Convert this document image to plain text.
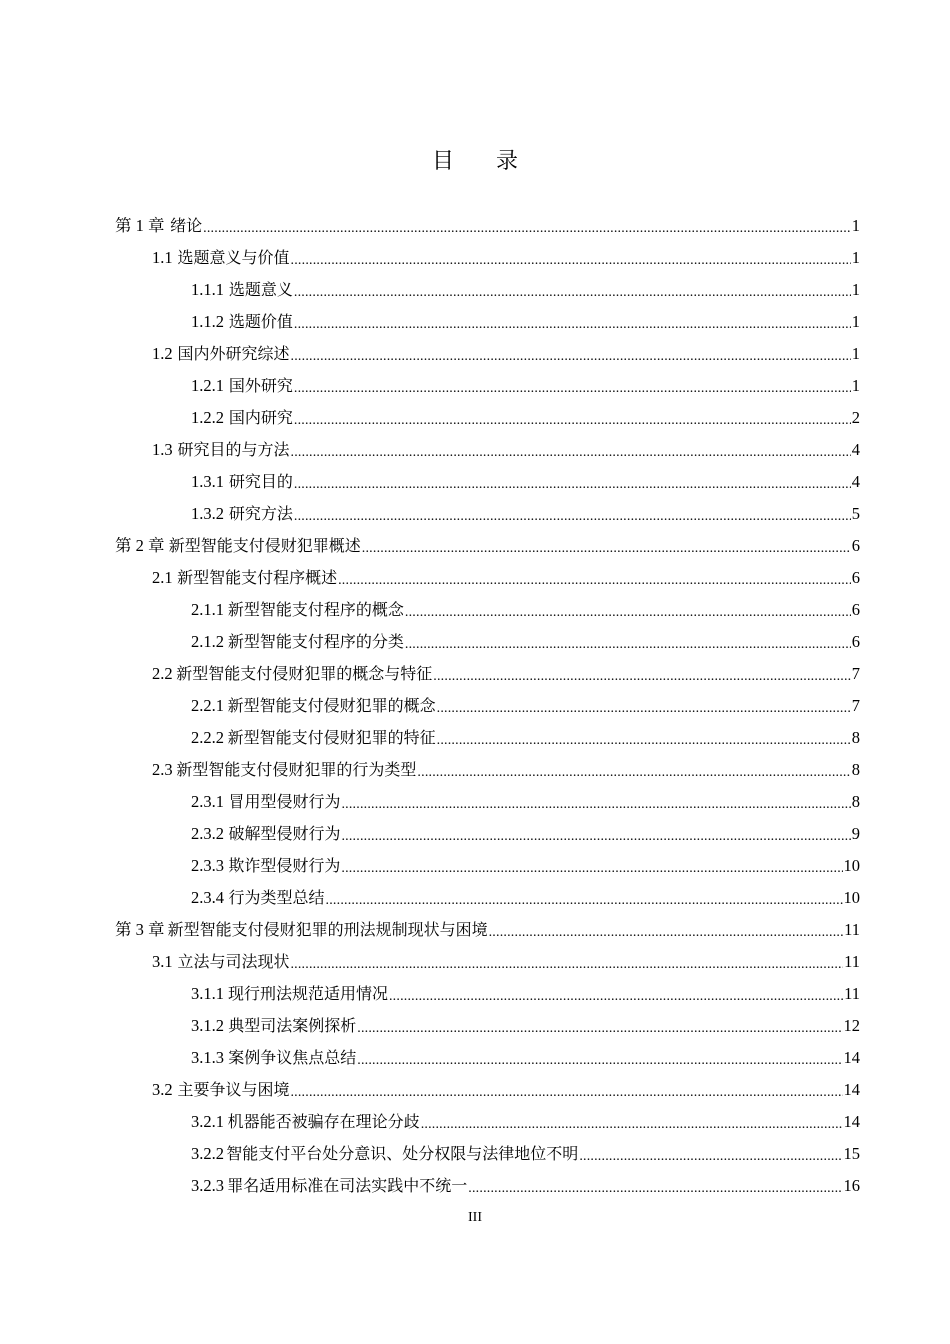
目 录
第 1 章 绪论 .....	1
1.1 选题意义与价值 .....	1
1.1.1 选题意义 .....	1
1.1.2 选题价值 .....	1
1.2 国内外研究综述 .....	1
1.2.1 国外研究 .....	1
1.2.2 国内研究 .....	2
1.3 研究目的与方法 .....	4
1.3.1 研究目的 .....	4
1.3.2 研究方法 .....	5
第 2 章 新型智能支付侵财犯罪概述 .....	6
2.1 新型智能支付程序概述 .....	6
2.1.1 新型智能支付程序的概念 .....	6
2.1.2 新型智能支付程序的分类 .....	6
2.2 新型智能支付侵财犯罪的概念与特征 .....	7
2.2.1 新型智能支付侵财犯罪的概念 .....	7
2.2.2 新型智能支付侵财犯罪的特征 .....	8
2.3 新型智能支付侵财犯罪的行为类型 .....	8
2.3.1 冒用型侵财行为 .....	8
2.3.2 破解型侵财行为 .....	9
2.3.3 欺诈型侵财行为 .....	10
2.3.4 行为类型总结 .....	10
第 3 章 新型智能支付侵财犯罪的刑法规制现状与困境 .....	11
3.1 立法与司法现状 .....	11
3.1.1 现行刑法规范适用情况 .....	11
3.1.2 典型司法案例探析 .....	12
3.1.3 案例争议焦点总结 .....	14
3.2 主要争议与困境 .....	14
3.2.1 机器能否被骗存在理论分歧 .....	14
3.2.2 智能支付平台处分意识、处分权限与法律地位不明 .....	15
3.2.3 罪名适用标准在司法实践中不统一 .....	16
III
